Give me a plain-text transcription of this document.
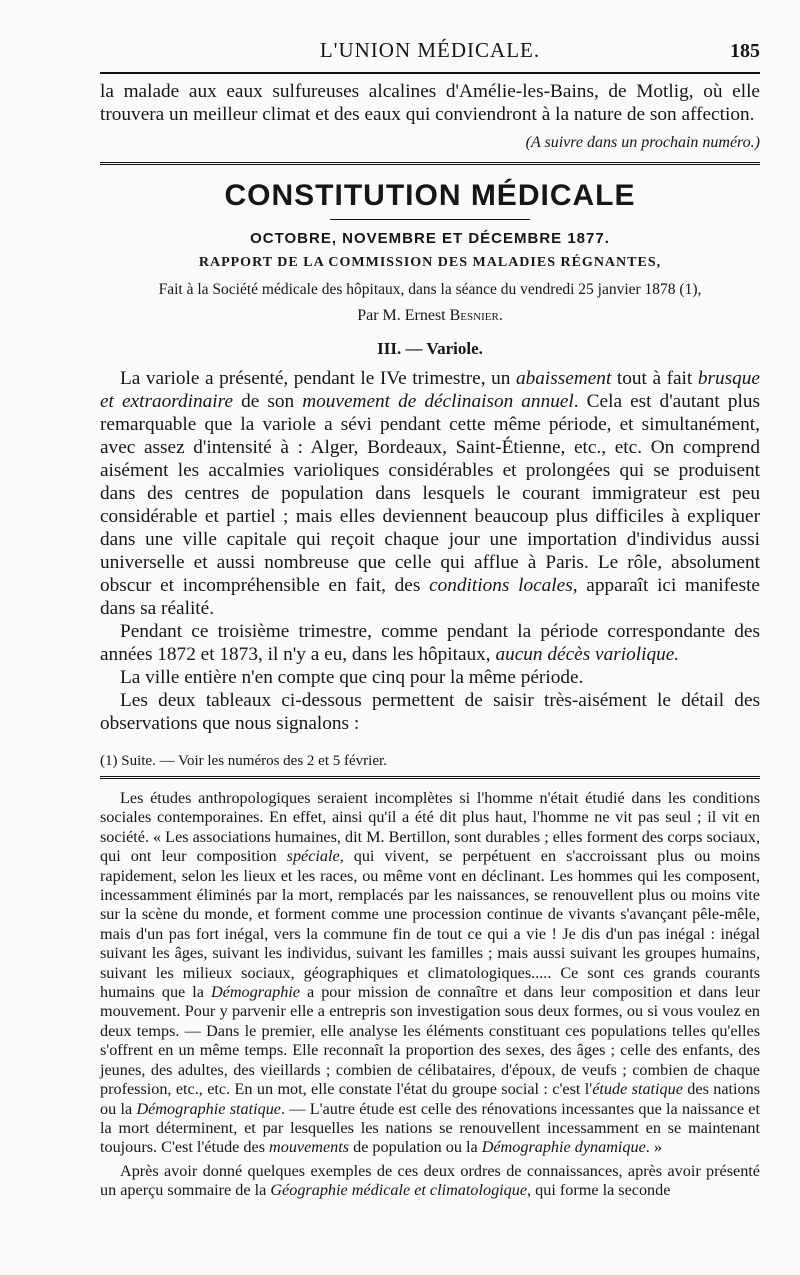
L'UNION MÉDICALE.	185

la malade aux eaux sulfureuses alcalines d'Amélie-les-Bains, de Motlig, où elle trouvera un meilleur climat et des eaux qui conviendront à la nature de son affection.

(A suivre dans un prochain numéro.)
CONSTITUTION MÉDICALE
OCTOBRE, NOVEMBRE ET DÉCEMBRE 1877.
RAPPORT DE LA COMMISSION DES MALADIES RÉGNANTES,
Fait à la Société médicale des hôpitaux, dans la séance du vendredi 25 janvier 1878 (1),
Par M. Ernest Besnier.
III. — Variole.

La variole a présenté, pendant le IVe trimestre, un abaissement tout à fait brusque et extraordinaire de son mouvement de déclinaison annuel. Cela est d'autant plus remarquable que la variole a sévi pendant cette même période, et simultanément, avec assez d'intensité à : Alger, Bordeaux, Saint-Étienne, etc., etc. On comprend aisément les accalmies varioliques considérables et prolongées qui se produisent dans des centres de population dans lesquels le courant immigrateur est peu considérable et partiel ; mais elles deviennent beaucoup plus difficiles à expliquer dans une ville capitale qui reçoit chaque jour une importation d'individus aussi universelle et aussi nombreuse que celle qui afflue à Paris. Le rôle, absolument obscur et incompréhensible en fait, des conditions locales, apparaît ici manifeste dans sa réalité.

Pendant ce troisième trimestre, comme pendant la période correspondante des années 1872 et 1873, il n'y a eu, dans les hôpitaux, aucun décès variolique.

La ville entière n'en compte que cinq pour la même période.

Les deux tableaux ci-dessous permettent de saisir très-aisément le détail des observations que nous signalons :

(1) Suite. — Voir les numéros des 2 et 5 février.

Les études anthropologiques seraient incomplètes si l'homme n'était étudié dans les conditions sociales contemporaines. En effet, ainsi qu'il a été dit plus haut, l'homme ne vit pas seul ; il vit en société. « Les associations humaines, dit M. Bertillon, sont durables ; elles forment des corps sociaux, qui ont leur composition spéciale, qui vivent, se perpétuent en s'accroissant plus ou moins rapidement, selon les lieux et les races, ou même vont en déclinant. Les hommes qui les composent, incessamment éliminés par la mort, remplacés par les naissances, se renouvellent plus ou moins vite sur la scène du monde, et forment comme une procession continue de vivants s'avançant pêle-mêle, mais d'un pas fort inégal, vers la commune fin de tout ce qui a vie ! Je dis d'un pas inégal : inégal suivant les âges, suivant les individus, suivant les familles ; mais aussi suivant les groupes humains, suivant les milieux sociaux, géographiques et climatologiques..... Ce sont ces grands courants humains que la Démographie a pour mission de connaître et dans leur composition et dans leur mouvement. Pour y parvenir elle a entrepris son investigation sous deux formes, ou si vous voulez en deux temps. — Dans le premier, elle analyse les éléments constituant ces populations telles qu'elles s'offrent en un même temps. Elle reconnaît la proportion des sexes, des âges ; celle des enfants, des jeunes, des adultes, des vieillards ; combien de célibataires, d'époux, de veufs ; combien de chaque profession, etc., etc. En un mot, elle constate l'état du groupe social : c'est l'étude statique des nations ou la Démographie statique. — L'autre étude est celle des rénovations incessantes que la naissance et la mort déterminent, et par lesquelles les nations se renouvellent incessamment en se maintenant toujours. C'est l'étude des mouvements de population ou la Démographie dynamique. »

Après avoir donné quelques exemples de ces deux ordres de connaissances, après avoir présenté un aperçu sommaire de la Géographie médicale et climatologique, qui forme la seconde
